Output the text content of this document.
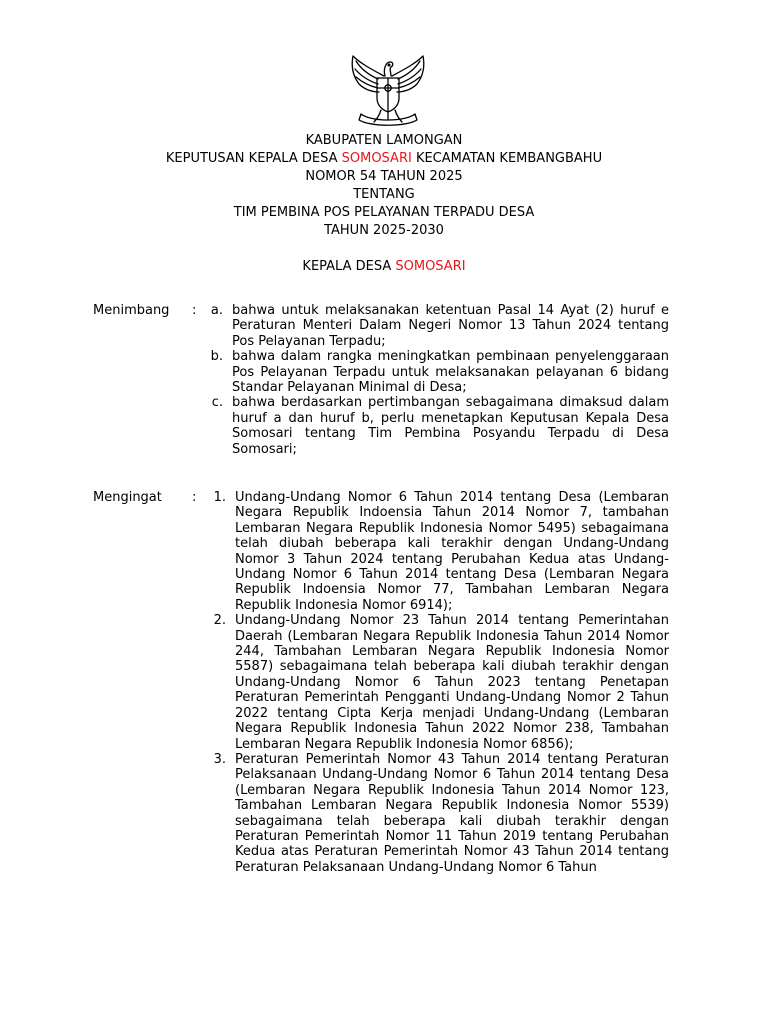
KABUPATEN LAMONGAN
KEPUTUSAN KEPALA DESA SOMOSARI KECAMATAN KEMBANGBAHU
NOMOR 54 TAHUN 2025
TENTANG
TIM PEMBINA POS PELAYANAN TERPADU DESA
TAHUN 2025-2030
KEPALA DESA SOMOSARI
Menimbang :	a. bahwa untuk melaksanakan ketentuan Pasal 14 Ayat (2) huruf e Peraturan Menteri Dalam Negeri Nomor 13 Tahun 2024 tentang Pos Pelayanan Terpadu;
b. bahwa dalam rangka meningkatkan pembinaan penyelenggaraan Pos Pelayanan Terpadu untuk melaksanakan pelayanan 6 bidang Standar Pelayanan Minimal di Desa;
c. bahwa berdasarkan pertimbangan sebagaimana dimaksud dalam huruf a dan huruf b, perlu menetapkan Keputusan Kepala Desa Somosari tentang Tim Pembina Posyandu Terpadu di Desa Somosari;
Mengingat :	1. Undang-Undang Nomor 6 Tahun 2014 tentang Desa (Lembaran Negara Republik Indoensia Tahun 2014 Nomor 7, tambahan Lembaran Negara Republik Indonesia Nomor 5495) sebagaimana telah diubah beberapa kali terakhir dengan Undang-Undang Nomor 3 Tahun 2024 tentang Perubahan Kedua atas Undang-Undang Nomor 6 Tahun 2014 tentang Desa (Lembaran Negara Republik Indoensia Nomor 77, Tambahan Lembaran Negara Republik Indonesia Nomor 6914);
2. Undang-Undang Nomor 23 Tahun 2014 tentang Pemerintahan Daerah (Lembaran Negara Republik Indonesia Tahun 2014 Nomor 244, Tambahan Lembaran Negara Republik Indonesia Nomor 5587) sebagaimana telah beberapa kali diubah terakhir dengan Undang-Undang Nomor 6 Tahun 2023 tentang Penetapan Peraturan Pemerintah Pengganti Undang-Undang Nomor 2 Tahun 2022 tentang Cipta Kerja menjadi Undang-Undang (Lembaran Negara Republik Indonesia Tahun 2022 Nomor 238, Tambahan Lembaran Negara Republik Indonesia Nomor 6856);
3. Peraturan Pemerintah Nomor 43 Tahun 2014 tentang Peraturan Pelaksanaan Undang-Undang Nomor 6 Tahun 2014 tentang Desa (Lembaran Negara Republik Indonesia Tahun 2014 Nomor 123, Tambahan Lembaran Negara Republik Indonesia Nomor 5539) sebagaimana telah beberapa kali diubah terakhir dengan Peraturan Pemerintah Nomor 11 Tahun 2019 tentang Perubahan Kedua atas Peraturan Pemerintah Nomor 43 Tahun 2014 tentang Peraturan Pelaksanaan Undang-Undang Nomor 6 Tahun
